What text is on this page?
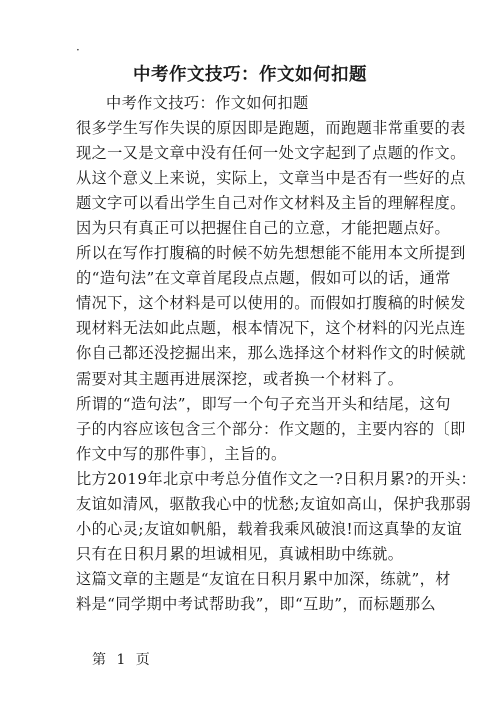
·
中考作文技巧：作文如何扣题
中考作文技巧：作文如何扣题
很多学生写作失误的原因即是跑题，而跑题非常重要的表
现之一又是文章中没有任何一处文字起到了点题的作文。
从这个意义上来说，实际上，文章当中是否有一些好的点
题文字可以看出学生自己对作文材料及主旨的理解程度。
因为只有真正可以把握住自己的立意，才能把题点好。
所以在写作打腹稿的时候不妨先想想能不能用本文所提到
的“造句法”在文章首尾段点点题，假如可以的话，通常
情况下，这个材料是可以使用的。而假如打腹稿的时候发
现材料无法如此点题，根本情况下，这个材料的闪光点连
你自己都还没挖掘出来，那么选择这个材料作文的时候就
需要对其主题再进展深挖，或者换一个材料了。
所谓的“造句法”，即写一个句子充当开头和结尾，这句
子的内容应该包含三个部分：作文题的，主要内容的〔即
作文中写的那件事〕，主旨的。
比方2019年北京中考总分值作文之一?日积月累?的开头：
友谊如清风，驱散我心中的忧愁;友谊如高山，保护我那弱
小的心灵;友谊如帆船，载着我乘风破浪!而这真挚的友谊
只有在日积月累的坦诚相见，真诚相助中练就。
这篇文章的主题是“友谊在日积月累中加深，练就”，材
料是“同学期中考试帮助我”，即“互助”，而标题那么
第 1 页
